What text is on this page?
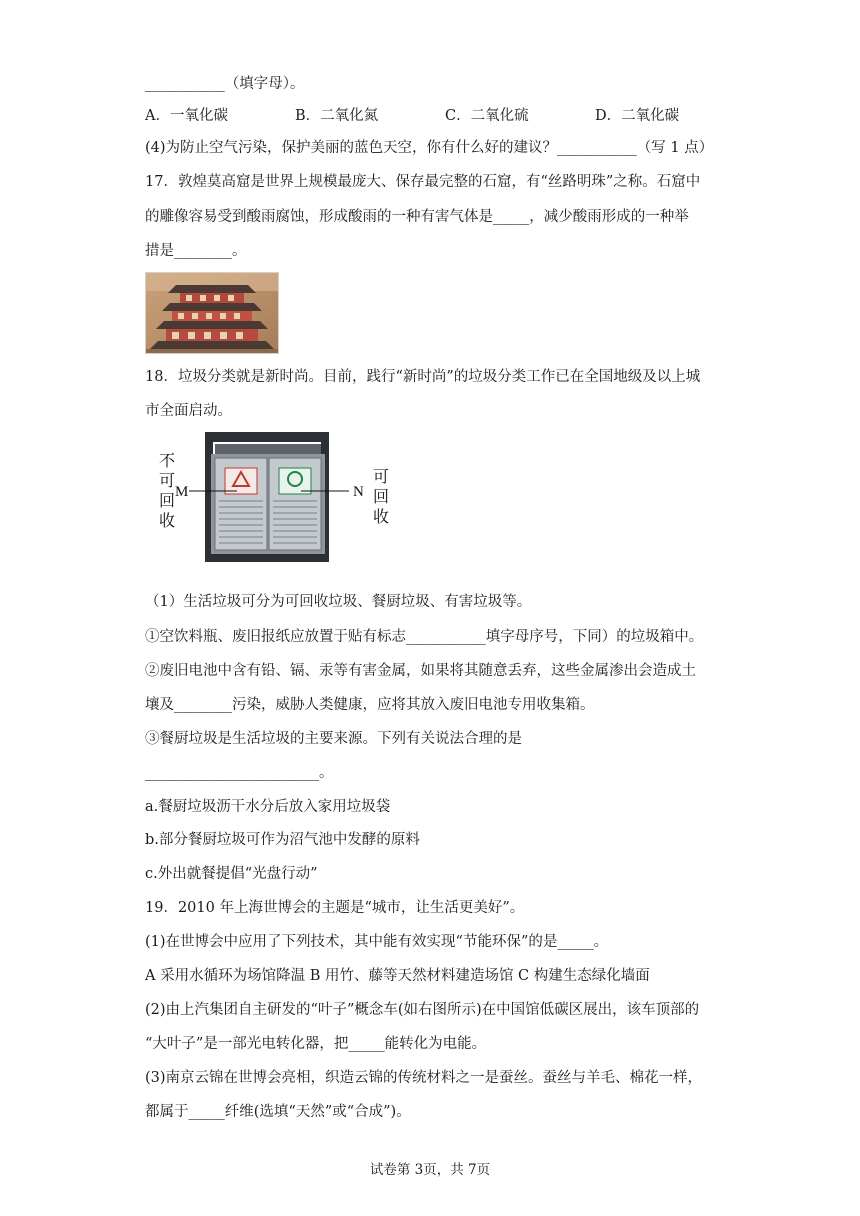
___________（填字母）。
A．一氧化碳	B．二氧化氮	C．二氧化硫	D．二氧化碳
(4)为防止空气污染，保护美丽的蓝色天空，你有什么好的建议？___________（写 1 点）
17．敦煌莫高窟是世界上规模最庞大、保存最完整的石窟，有“丝路明珠”之称。石窟中
的雕像容易受到酸雨腐蚀，形成酸雨的一种有害气体是_____，减少酸雨形成的一种举
措是________。
18．垃圾分类就是新时尚。目前，践行“新时尚”的垃圾分类工作已在全国地级及以上城
市全面启动。
不
可
回
收
M	N
可
回
收
（1）生活垃圾可分为可回收垃圾、餐厨垃圾、有害垃圾等。
①空饮料瓶、废旧报纸应放置于贴有标志___________填字母序号，下同）的垃圾箱中。
②废旧电池中含有铅、镉、汞等有害金属，如果将其随意丢弃，这些金属渗出会造成土
壤及________污染，威胁人类健康，应将其放入废旧电池专用收集箱。
③餐厨垃圾是生活垃圾的主要来源。下列有关说法合理的是
________________________。
a.餐厨垃圾沥干水分后放入家用垃圾袋
b.部分餐厨垃圾可作为沼气池中发酵的原料
c.外出就餐提倡“光盘行动”
19．2010 年上海世博会的主题是“城市，让生活更美好”。
(1)在世博会中应用了下列技术，其中能有效实现“节能环保”的是_____。
A 采用水循环为场馆降温 B 用竹、藤等天然材料建造场馆 C 构建生态绿化墙面
(2)由上汽集团自主研发的“叶子”概念车(如右图所示)在中国馆低碳区展出，该车顶部的
“大叶子”是一部光电转化器，把_____能转化为电能。
(3)南京云锦在世博会亮相，织造云锦的传统材料之一是蚕丝。蚕丝与羊毛、棉花一样，
都属于_____纤维(选填“天然”或“合成”)。
试卷第 3页，共 7页
